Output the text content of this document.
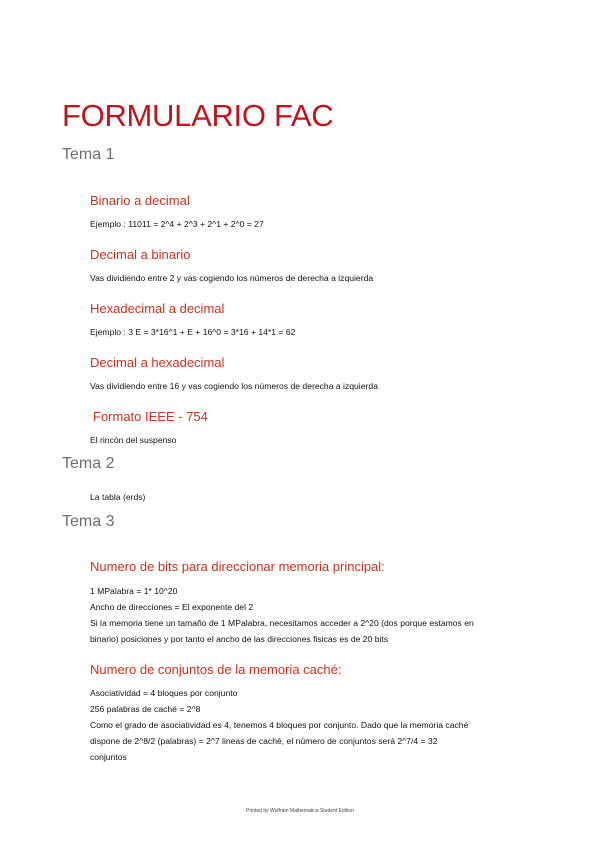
FORMULARIO FAC
Tema 1
Binario a decimal
Ejemplo : 11011 = 2^4 + 2^3 + 2^1 + 2^0 = 27
Decimal a binario
Vas dividiendo entre 2 y vas cogiendo los números de derecha a izquierda
Hexadecimal a decimal
Ejemplo : 3 E = 3*16^1 + E + 16^0 = 3*16 + 14*1 = 62
Decimal a hexadecimal
Vas dividiendo entre 16 y vas cogiendo los números de derecha a izquierda
Formato IEEE - 754
El rincón del suspenso
Tema 2
La tabla (erds)
Tema 3
Numero de bits para direccionar memoria principal:
1 MPalabra = 1* 10^20
Ancho de direcciones = El exponente del 2
Si la memoria tiene un tamaño de 1 MPalabra, necesitamos acceder a 2^20 (dos porque estamos en
binario) posiciones y por tanto el ancho de las direcciones fisicas es de 20 bits
Numero de conjuntos de la memoria caché:
Asociatividad = 4 bloques por conjunto
256 palabras de caché = 2^8
Como el grado de asociatividad es 4, tenemos 4 bloques por conjunto. Dado que la memoria caché
dispone de 2^8/2 (palabras) = 2^7 lineas de caché, el número de conjuntos será 2^7/4 = 32
conjuntos
Printed by Wolfram Mathematica Student Edition
